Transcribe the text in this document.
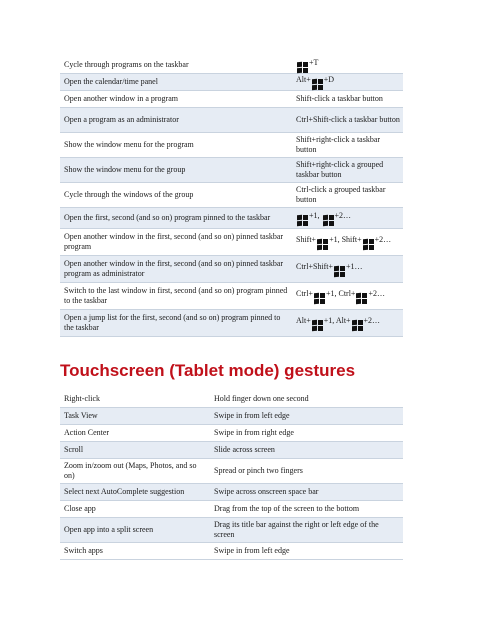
Cycle through programs on the taskbar	+T
Open the calendar/time panel	Alt+ +D
Open another window in a program	Shift-click a taskbar button
Open a program as an administrator	Ctrl+Shift-click a taskbar button
Show the window menu for the program	Shift+right-click a taskbar button
Show the window menu for the group	Shift+right-click a grouped taskbar button
Cycle through the windows of the group	Ctrl-click a grouped taskbar button
Open the first, second (and so on) program pinned to the taskbar	+1, +2…
Open another window in the first, second (and so on) pinned taskbar program	Shift+ +1, Shift+ +2…
Open another window in the first, second (and so on) pinned taskbar program as administrator	Ctrl+Shift+ +1…
Switch to the last window in first, second (and so on) program pinned to the taskbar	Ctrl+ +1, Ctrl+ +2…
Open a jump list for the first, second (and so on) program pinned to the taskbar	Alt+ +1, Alt+ +2…
Touchscreen (Tablet mode) gestures
Right-click	Hold finger down one second
Task View	Swipe in from left edge
Action Center	Swipe in from right edge
Scroll	Slide across screen
Zoom in/zoom out (Maps, Photos, and so on)	Spread or pinch two fingers
Select next AutoComplete suggestion	Swipe across onscreen space bar
Close app	Drag from the top of the screen to the bottom
Open app into a split screen	Drag its title bar against the right or left edge of the screen
Switch apps	Swipe in from left edge
